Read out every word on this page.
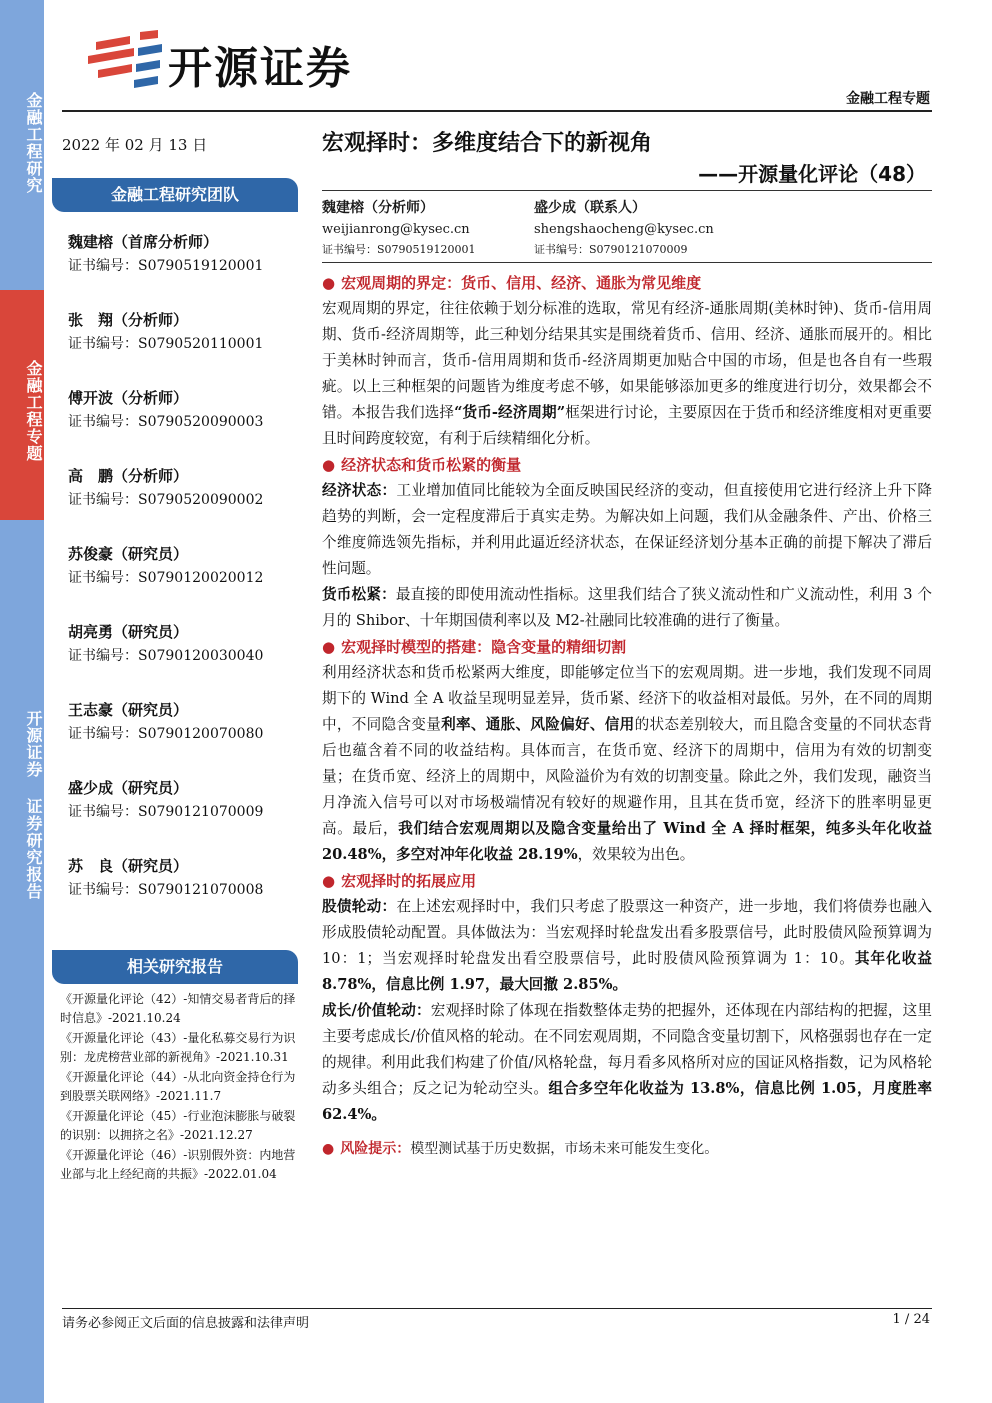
金融工程研究
金融工程专题
开源证券 证券研究报告
开源证券
金融工程专题
2022 年 02 月 13 日
金融工程研究团队
魏建榕（首席分析师）
证书编号：S0790519120001
张　翔（分析师）
证书编号：S0790520110001
傅开波（分析师）
证书编号：S0790520090003
高　鹏（分析师）
证书编号：S0790520090002
苏俊豪（研究员）
证书编号：S0790120020012
胡亮勇（研究员）
证书编号：S0790120030040
王志豪（研究员）
证书编号：S0790120070080
盛少成（研究员）
证书编号：S0790121070009
苏　良（研究员）
证书编号：S0790121070008
相关研究报告
《开源量化评论（42）-知情交易者背后的择时信息》-2021.10.24
《开源量化评论（43）-量化私募交易行为识别：龙虎榜营业部的新视角》-2021.10.31
《开源量化评论（44）-从北向资金持仓行为到股票关联网络》-2021.11.7
《开源量化评论（45）-行业泡沫膨胀与破裂的识别：以拥挤之名》-2021.12.27
《开源量化评论（46）-识别假外资：内地营业部与北上经纪商的共振》-2022.01.04
宏观择时：多维度结合下的新视角
——开源量化评论（48）
魏建榕（分析师）
weijianrong@kysec.cn
证书编号：S0790519120001
盛少成（联系人）
shengshaocheng@kysec.cn
证书编号：S0790121070009
● 宏观周期的界定：货币、信用、经济、通胀为常见维度

宏观周期的界定，往往依赖于划分标准的选取，常见有经济-通胀周期(美林时钟)、货币-信用周期、货币-经济周期等，此三种划分结果其实是围绕着货币、信用、经济、通胀而展开的。相比于美林时钟而言，货币-信用周期和货币-经济周期更加贴合中国的市场，但是也各自有一些瑕疵。以上三种框架的问题皆为维度考虑不够，如果能够添加更多的维度进行切分，效果都会不错。本报告我们选择“货币-经济周期”框架进行讨论，主要原因在于货币和经济维度相对更重要且时间跨度较宽，有利于后续精细化分析。

● 经济状态和货币松紧的衡量

经济状态：工业增加值同比能较为全面反映国民经济的变动，但直接使用它进行经济上升下降趋势的判断，会一定程度滞后于真实走势。为解决如上问题，我们从金融条件、产出、价格三个维度筛选领先指标，并利用此逼近经济状态，在保证经济划分基本正确的前提下解决了滞后性问题。

货币松紧：最直接的即使用流动性指标。这里我们结合了狭义流动性和广义流动性，利用 3 个月的 Shibor、十年期国债利率以及 M2-社融同比较准确的进行了衡量。

● 宏观择时模型的搭建：隐含变量的精细切割

利用经济状态和货币松紧两大维度，即能够定位当下的宏观周期。进一步地，我们发现不同周期下的 Wind 全 A 收益呈现明显差异，货币紧、经济下的收益相对最低。另外，在不同的周期中，不同隐含变量利率、通胀、风险偏好、信用的状态差别较大，而且隐含变量的不同状态背后也蕴含着不同的收益结构。具体而言，在货币宽、经济下的周期中，信用为有效的切割变量；在货币宽、经济上的周期中，风险溢价为有效的切割变量。除此之外，我们发现，融资当月净流入信号可以对市场极端情况有较好的规避作用，且其在货币宽，经济下的胜率明显更高。最后，我们结合宏观周期以及隐含变量给出了 Wind 全 A 择时框架，纯多头年化收益 20.48%，多空对冲年化收益 28.19%，效果较为出色。

● 宏观择时的拓展应用

股债轮动：在上述宏观择时中，我们只考虑了股票这一种资产，进一步地，我们将债券也融入形成股债轮动配置。具体做法为：当宏观择时轮盘发出看多股票信号，此时股债风险预算调为 10：1；当宏观择时轮盘发出看空股票信号，此时股债风险预算调为 1：10。其年化收益 8.78%，信息比例 1.97，最大回撤 2.85%。

成长/价值轮动：宏观择时除了体现在指数整体走势的把握外，还体现在内部结构的把握，这里主要考虑成长/价值风格的轮动。在不同宏观周期，不同隐含变量切割下，风格强弱也存在一定的规律。利用此我们构建了价值/风格轮盘，每月看多风格所对应的国证风格指数，记为风格轮动多头组合；反之记为轮动空头。组合多空年化收益为 13.8%，信息比例 1.05，月度胜率 62.4%。

● 风险提示：模型测试基于历史数据，市场未来可能发生变化。
请务必参阅正文后面的信息披露和法律声明	1 / 24
